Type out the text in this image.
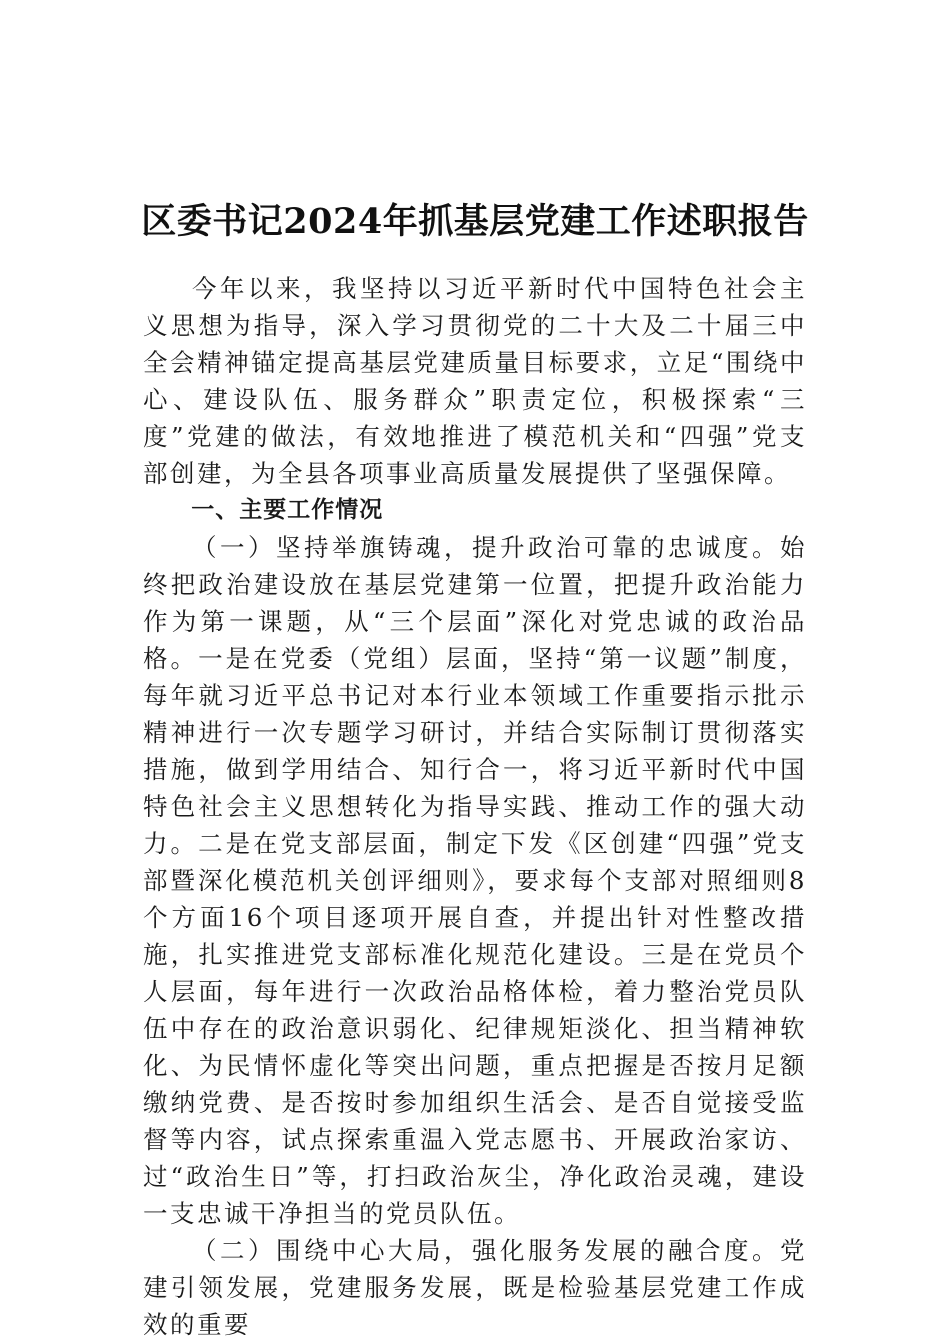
区委书记2024年抓基层党建工作述职报告

今年以来，我坚持以习近平新时代中国特色社会主义思想为指导，深入学习贯彻党的二十大及二十届三中全会精神锚定提高基层党建质量目标要求，立足“围绕中心、建设队伍、服务群众”职责定位，积极探索“三度”党建的做法，有效地推进了模范机关和“四强”党支部创建，为全县各项事业高质量发展提供了坚强保障。

一、主要工作情况

（一）坚持举旗铸魂，提升政治可靠的忠诚度。始终把政治建设放在基层党建第一位置，把提升政治能力作为第一课题，从“三个层面”深化对党忠诚的政治品格。一是在党委（党组）层面，坚持“第一议题”制度，每年就习近平总书记对本行业本领域工作重要指示批示精神进行一次专题学习研讨，并结合实际制订贯彻落实措施，做到学用结合、知行合一，将习近平新时代中国特色社会主义思想转化为指导实践、推动工作的强大动力。二是在党支部层面，制定下发《区创建“四强”党支部暨深化模范机关创评细则》，要求每个支部对照细则8个方面16个项目逐项开展自查，并提出针对性整改措施，扎实推进党支部标准化规范化建设。三是在党员个人层面，每年进行一次政治品格体检，着力整治党员队伍中存在的政治意识弱化、纪律规矩淡化、担当精神软化、为民情怀虚化等突出问题，重点把握是否按月足额缴纳党费、是否按时参加组织生活会、是否自觉接受监督等内容，试点探索重温入党志愿书、开展政治家访、过“政治生日”等，打扫政治灰尘，净化政治灵魂，建设一支忠诚干净担当的党员队伍。

（二）围绕中心大局，强化服务发展的融合度。党建引领发展，党建服务发展，既是检验基层党建工作成效的重要
